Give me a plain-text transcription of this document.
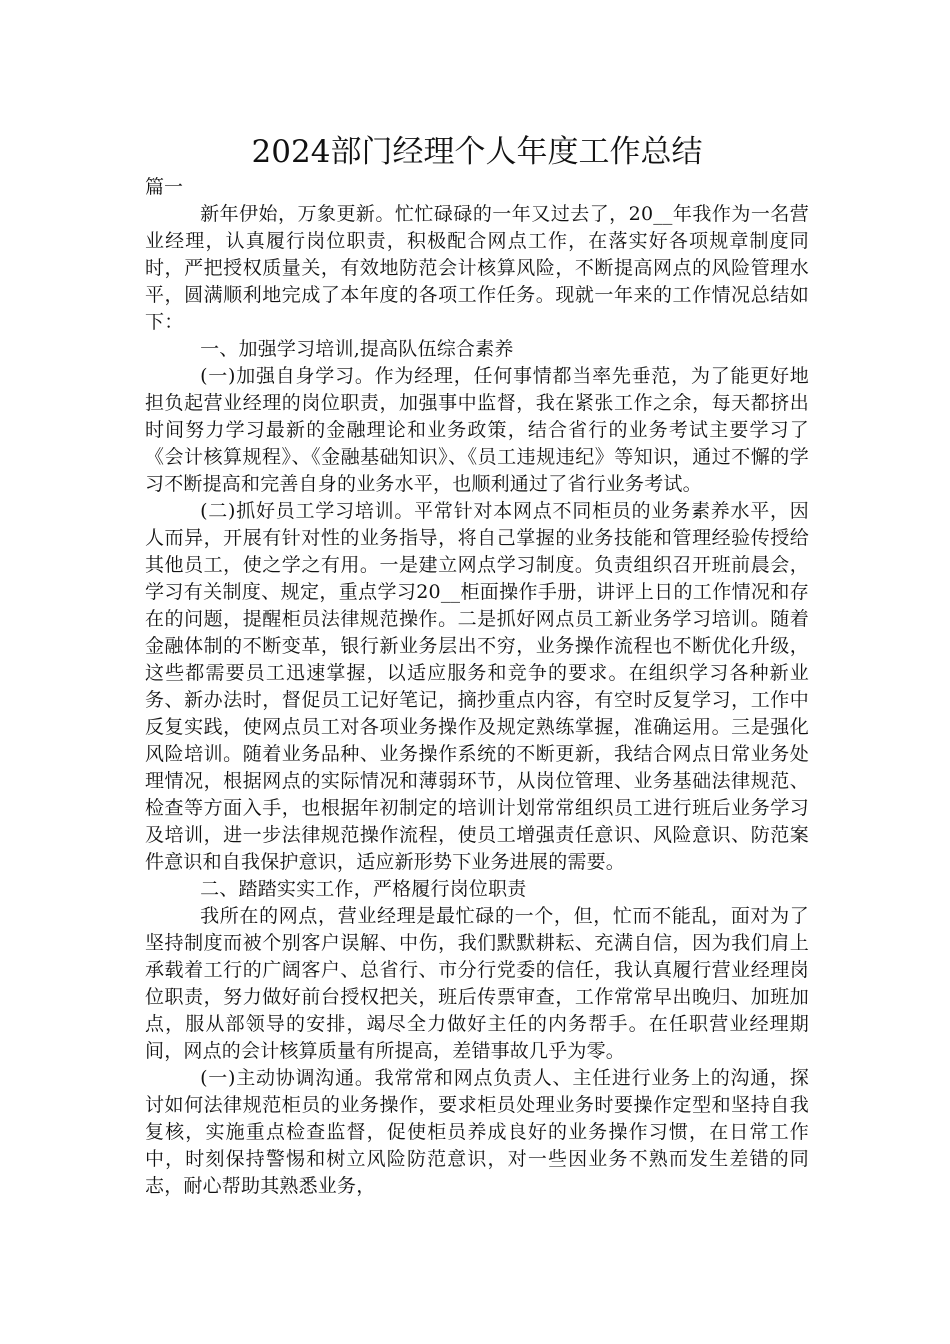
2024部门经理个人年度工作总结

篇一

新年伊始，万象更新。忙忙碌碌的一年又过去了，20__年我作为一名营业经理，认真履行岗位职责，积极配合网点工作，在落实好各项规章制度同时，严把授权质量关，有效地防范会计核算风险，不断提高网点的风险管理水平，圆满顺利地完成了本年度的各项工作任务。现就一年来的工作情况总结如下：

一、加强学习培训,提高队伍综合素养

(一)加强自身学习。作为经理，任何事情都当率先垂范，为了能更好地担负起营业经理的岗位职责，加强事中监督，我在紧张工作之余，每天都挤出时间努力学习最新的金融理论和业务政策，结合省行的业务考试主要学习了《会计核算规程》、《金融基础知识》、《员工违规违纪》等知识，通过不懈的学习不断提高和完善自身的业务水平，也顺利通过了省行业务考试。

(二)抓好员工学习培训。平常针对本网点不同柜员的业务素养水平，因人而异，开展有针对性的业务指导，将自己掌握的业务技能和管理经验传授给其他员工，使之学之有用。一是建立网点学习制度。负责组织召开班前晨会，学习有关制度、规定，重点学习20__柜面操作手册，讲评上日的工作情况和存在的问题，提醒柜员法律规范操作。二是抓好网点员工新业务学习培训。随着金融体制的不断变革，银行新业务层出不穷，业务操作流程也不断优化升级，这些都需要员工迅速掌握，以适应服务和竞争的要求。在组织学习各种新业务、新办法时，督促员工记好笔记，摘抄重点内容，有空时反复学习，工作中反复实践，使网点员工对各项业务操作及规定熟练掌握，准确运用。三是强化风险培训。随着业务品种、业务操作系统的不断更新，我结合网点日常业务处理情况，根据网点的实际情况和薄弱环节，从岗位管理、业务基础法律规范、检查等方面入手，也根据年初制定的培训计划常常组织员工进行班后业务学习及培训，进一步法律规范操作流程，使员工增强责任意识、风险意识、防范案件意识和自我保护意识，适应新形势下业务进展的需要。

二、踏踏实实工作，严格履行岗位职责

我所在的网点，营业经理是最忙碌的一个，但，忙而不能乱，面对为了坚持制度而被个别客户误解、中伤，我们默默耕耘、充满自信，因为我们肩上承载着工行的广阔客户、总省行、市分行党委的信任，我认真履行营业经理岗位职责，努力做好前台授权把关，班后传票审查，工作常常早出晚归、加班加点，服从部领导的安排，竭尽全力做好主任的内务帮手。在任职营业经理期间，网点的会计核算质量有所提高，差错事故几乎为零。

(一)主动协调沟通。我常常和网点负责人、主任进行业务上的沟通，探讨如何法律规范柜员的业务操作，要求柜员处理业务时要操作定型和坚持自我复核，实施重点检查监督，促使柜员养成良好的业务操作习惯，在日常工作中，时刻保持警惕和树立风险防范意识，对一些因业务不熟而发生差错的同志，耐心帮助其熟悉业务，
